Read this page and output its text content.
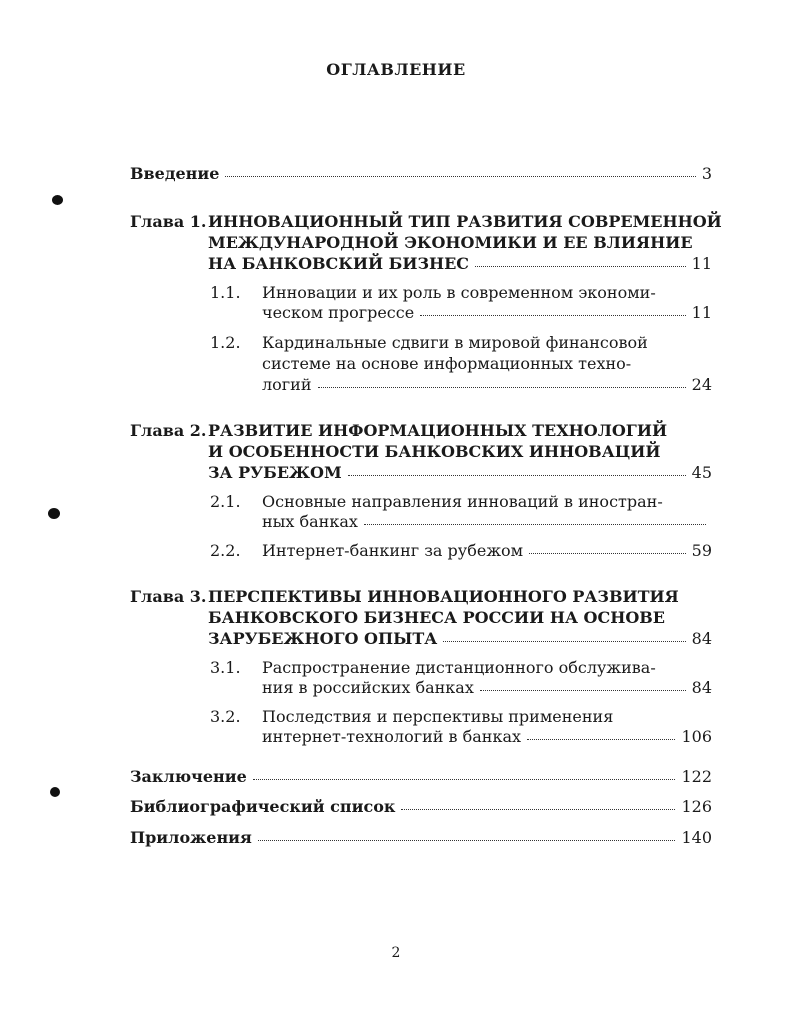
ОГЛАВЛЕНИЕ
Введение	3
Глава 1. ИННОВАЦИОННЫЙ ТИП РАЗВИТИЯ СОВРЕМЕННОЙ
МЕЖДУНАРОДНОЙ ЭКОНОМИКИ И ЕЕ ВЛИЯНИЕ
НА БАНКОВСКИЙ БИЗНЕС	11
1.1. Инновации и их роль в современном экономи-
ческом прогрессе	11
1.2. Кардинальные сдвиги в мировой финансовой
системе на основе информационных техно-
логий	24
Глава 2. РАЗВИТИЕ ИНФОРМАЦИОННЫХ ТЕХНОЛОГИЙ
И ОСОБЕННОСТИ БАНКОВСКИХ ИННОВАЦИЙ
ЗА РУБЕЖОМ	45
2.1. Основные направления инноваций в иностран-
ных банках
2.2. Интернет-банкинг за рубежом	59
Глава 3. ПЕРСПЕКТИВЫ ИННОВАЦИОННОГО РАЗВИТИЯ
БАНКОВСКОГО БИЗНЕСА РОССИИ НА ОСНОВЕ
ЗАРУБЕЖНОГО ОПЫТА	84
3.1. Распространение дистанционного обслужива-
ния в российских банках	84
3.2. Последствия и перспективы применения
интернет-технологий в банках	106
Заключение	122
Библиографический список	126
Приложения	140
2
